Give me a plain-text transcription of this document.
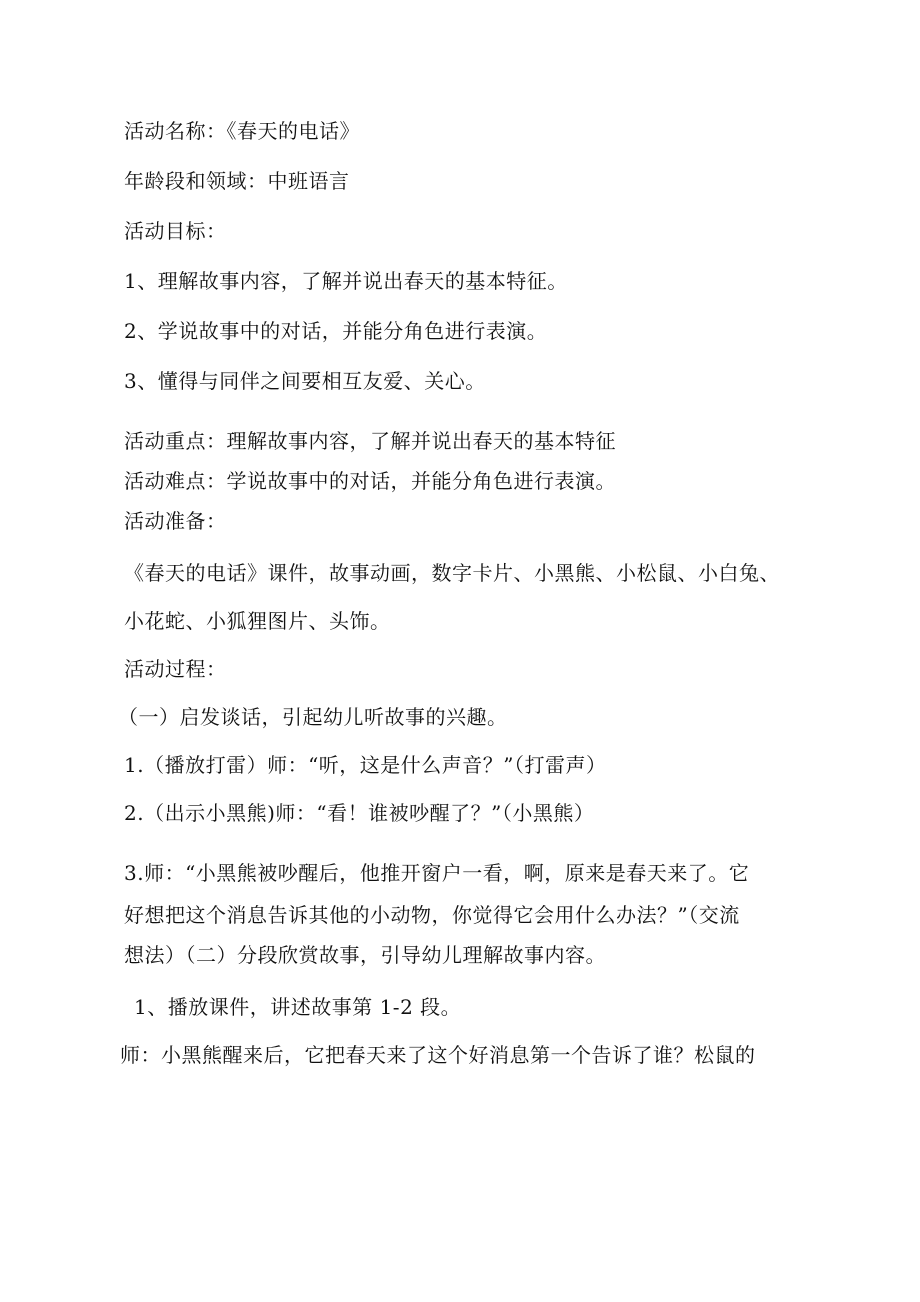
活动名称：《春天的电话》
年龄段和领域：中班语言
活动目标：
1、理解故事内容，了解并说出春天的基本特征。
2、学说故事中的对话，并能分角色进行表演。
3、懂得与同伴之间要相互友爱、关心。
活动重点：理解故事内容，了解并说出春天的基本特征
活动难点：学说故事中的对话，并能分角色进行表演。
活动准备：
《春天的电话》课件，故事动画，数字卡片、小黑熊、小松鼠、小白兔、
小花蛇、小狐狸图片、头饰。
活动过程：
（一）启发谈话，引起幼儿听故事的兴趣。
1.（播放打雷）师：“听，这是什么声音？”（打雷声）
2.（出示小黑熊)师：“看！谁被吵醒了？”（小黑熊）
3.师：“小黑熊被吵醒后，他推开窗户一看，啊，原来是春天来了。它
好想把这个消息告诉其他的小动物，你觉得它会用什么办法？”（交流
想法）（二）分段欣赏故事，引导幼儿理解故事内容。
1、播放课件，讲述故事第 1-2 段。
师：小黑熊醒来后，它把春天来了这个好消息第一个告诉了谁？松鼠的
